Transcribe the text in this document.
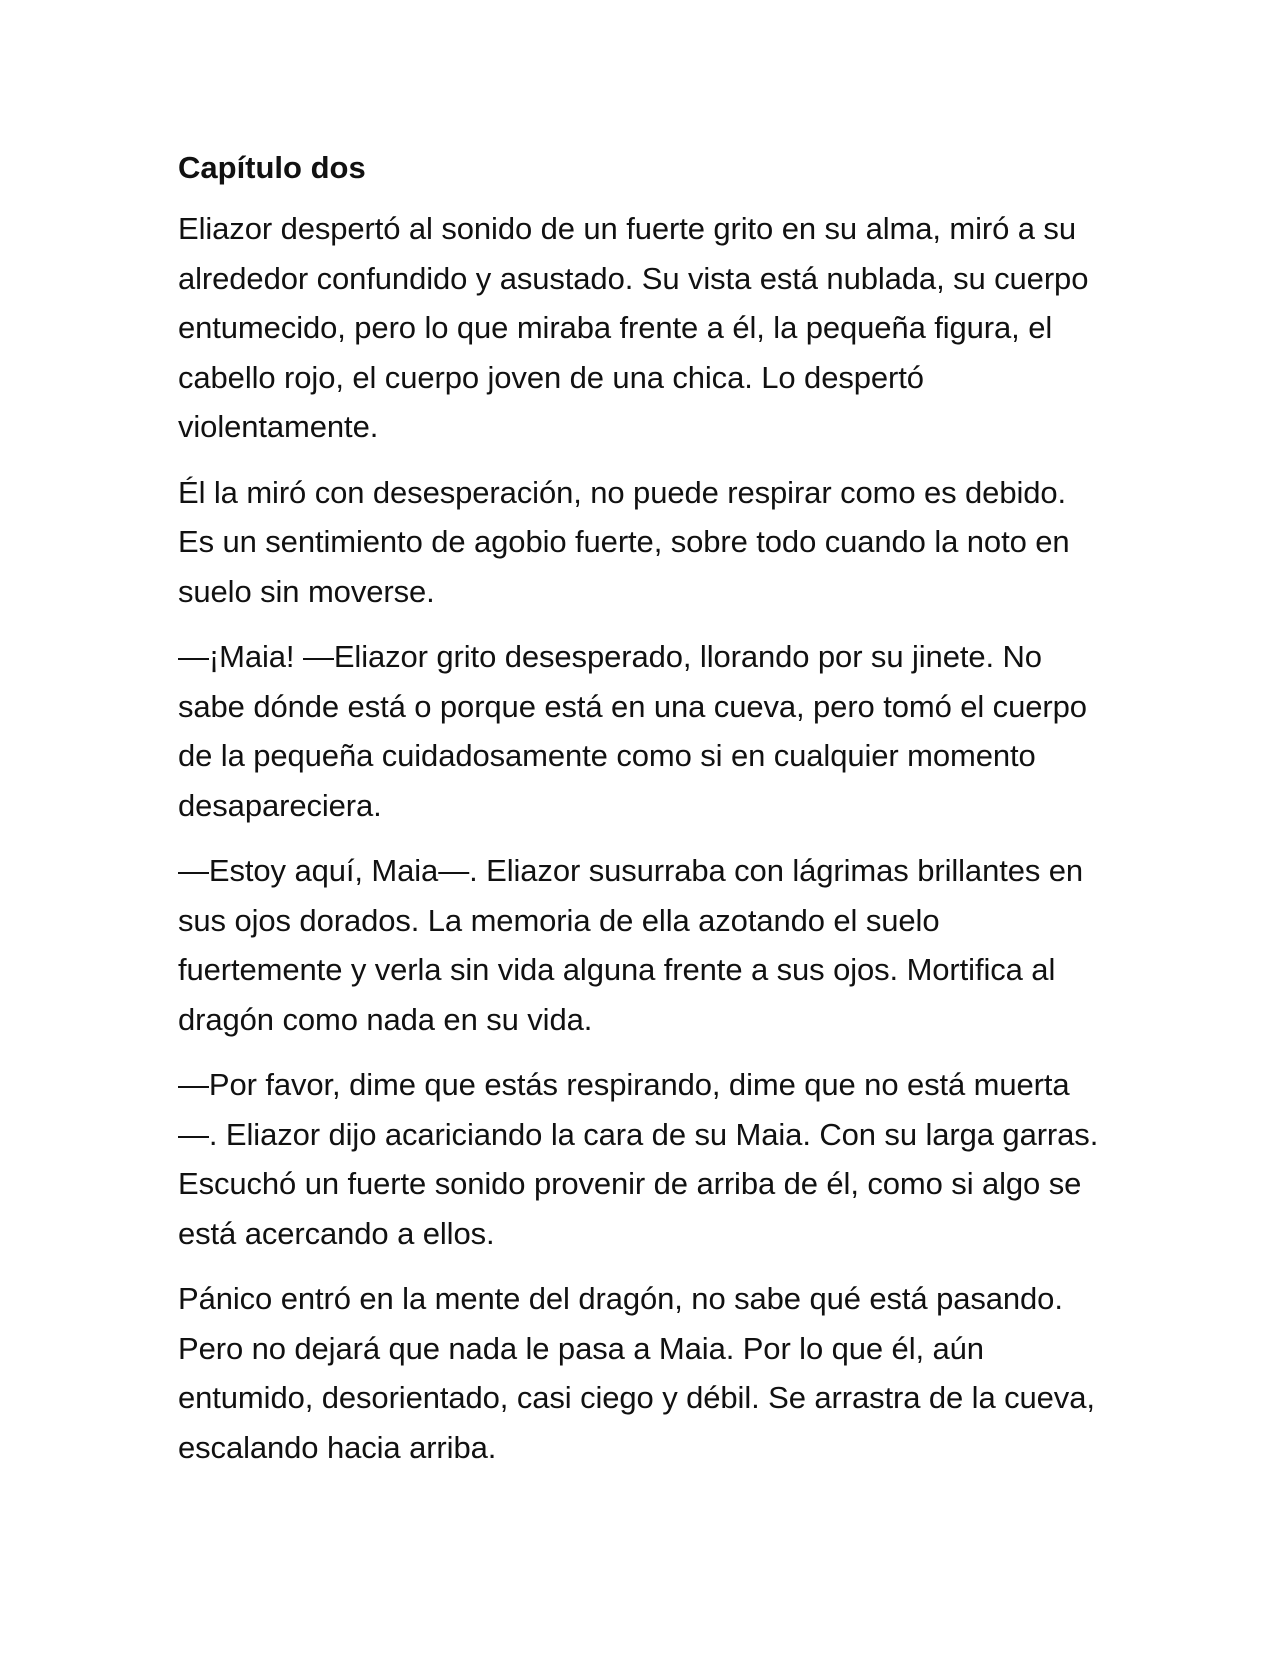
Capítulo dos

Eliazor despertó al sonido de un fuerte grito en su alma, miró a su alrededor confundido y asustado. Su vista está nublada, su cuerpo entumecido, pero lo que miraba frente a él, la pequeña figura, el cabello rojo, el cuerpo joven de una chica. Lo despertó violentamente.

Él la miró con desesperación, no puede respirar como es debido. Es un sentimiento de agobio fuerte, sobre todo cuando la noto en suelo sin moverse.

—¡Maia! —Eliazor grito desesperado, llorando por su jinete. No sabe dónde está o porque está en una cueva, pero tomó el cuerpo de la pequeña cuidadosamente como si en cualquier momento desapareciera.

—Estoy aquí, Maia—. Eliazor susurraba con lágrimas brillantes en sus ojos dorados. La memoria de ella azotando el suelo fuertemente y verla sin vida alguna frente a sus ojos. Mortifica al dragón como nada en su vida.

—Por favor, dime que estás respirando, dime que no está muerta—. Eliazor dijo acariciando la cara de su Maia. Con su larga garras. Escuchó un fuerte sonido provenir de arriba de él, como si algo se está acercando a ellos.

Pánico entró en la mente del dragón, no sabe qué está pasando. Pero no dejará que nada le pasa a Maia. Por lo que él, aún entumido, desorientado, casi ciego y débil. Se arrastra de la cueva, escalando hacia arriba.
